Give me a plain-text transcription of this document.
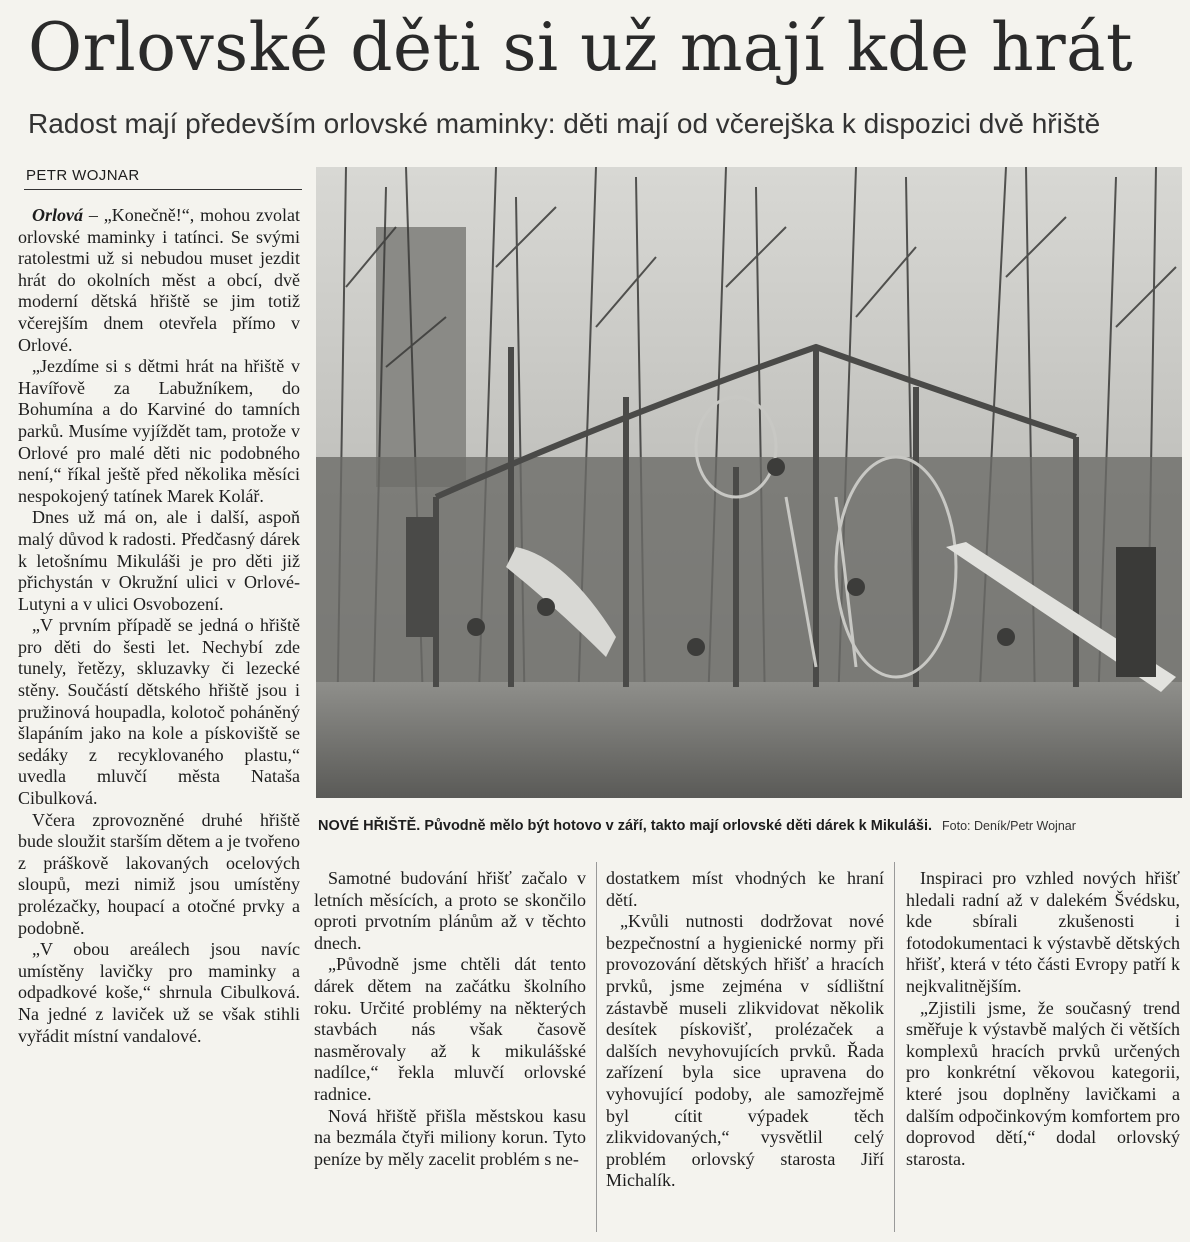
Orlovské děti si už mají kde hrát
Radost mají především orlovské maminky: děti mají od včerejška k dispozici dvě hřiště
PETR WOJNAR

Orlová – „Konečně!“, mohou zvolat orlovské maminky i tatínci. Se svými ratolestmi už si nebudou muset jezdit hrát do okolních měst a obcí, dvě moderní dětská hřiště se jim totiž včerejším dnem otevřela přímo v Orlové.

„Jezdíme si s dětmi hrát na hřiště v Havířově za Labužníkem, do Bohumína a do Karviné do tamních parků. Musíme vyjíždět tam, protože v Orlové pro malé děti nic podobného není,“ říkal ještě před několika měsíci nespokojený tatínek Marek Kolář.

Dnes už má on, ale i další, aspoň malý důvod k radosti. Předčasný dárek k letošnímu Mikuláši je pro děti již přichystán v Okružní ulici v Orlové-Lutyni a v ulici Osvobození.

„V prvním případě se jedná o hřiště pro děti do šesti let. Nechybí zde tunely, řetězy, skluzavky či lezecké stěny. Součástí dětského hřiště jsou i pružinová houpadla, kolotoč poháněný šlapáním jako na kole a pískoviště se sedáky z recyklovaného plastu,“ uvedla mluvčí města Nataša Cibulková.

Včera zprovozněné druhé hřiště bude sloužit starším dětem a je tvořeno z práškově lakovaných ocelových sloupů, mezi nimiž jsou umístěny prolézačky, houpací a otočné prvky a podobně.

„V obou areálech jsou navíc umístěny lavičky pro maminky a odpadkové koše,“ shrnula Cibulková. Na jedné z laviček už se však stihli vyřádit místní vandalové.

NOVÉ HŘIŠTĚ. Původně mělo být hotovo v září, takto mají orlovské děti dárek k Mikuláši. Foto: Deník/Petr Wojnar

Samotné budování hřišť začalo v letních měsících, a proto se skončilo oproti prvotním plánům až v těchto dnech.

„Původně jsme chtěli dát tento dárek dětem na začátku školního roku. Určité problémy na některých stavbách nás však časově nasměrovaly až k mikulášské nadílce,“ řekla mluvčí orlovské radnice.

Nová hřiště přišla městskou kasu na bezmála čtyři miliony korun. Tyto peníze by měly zacelit problém s ne-

dostatkem míst vhodných ke hraní dětí.

„Kvůli nutnosti dodržovat nové bezpečnostní a hygienické normy při provozování dětských hřišť a hracích prvků, jsme zejména v sídlištní zástavbě museli zlikvidovat několik desítek pískovišť, prolézaček a dalších nevyhovujících prvků. Řada zařízení byla sice upravena do vyhovující podoby, ale samozřejmě byl cítit výpadek těch zlikvidovaných,“ vysvětlil celý problém orlovský starosta Jiří Michalík.

Inspiraci pro vzhled nových hřišť hledali radní až v dalekém Švédsku, kde sbírali zkušenosti i fotodokumentaci k výstavbě dětských hřišť, která v této části Evropy patří k nejkvalitnějším.

„Zjistili jsme, že současný trend směřuje k výstavbě malých či větších komplexů hracích prvků určených pro konkrétní věkovou kategorii, které jsou doplněny lavičkami a dalším odpočinkovým komfortem pro doprovod dětí,“ dodal orlovský starosta.
